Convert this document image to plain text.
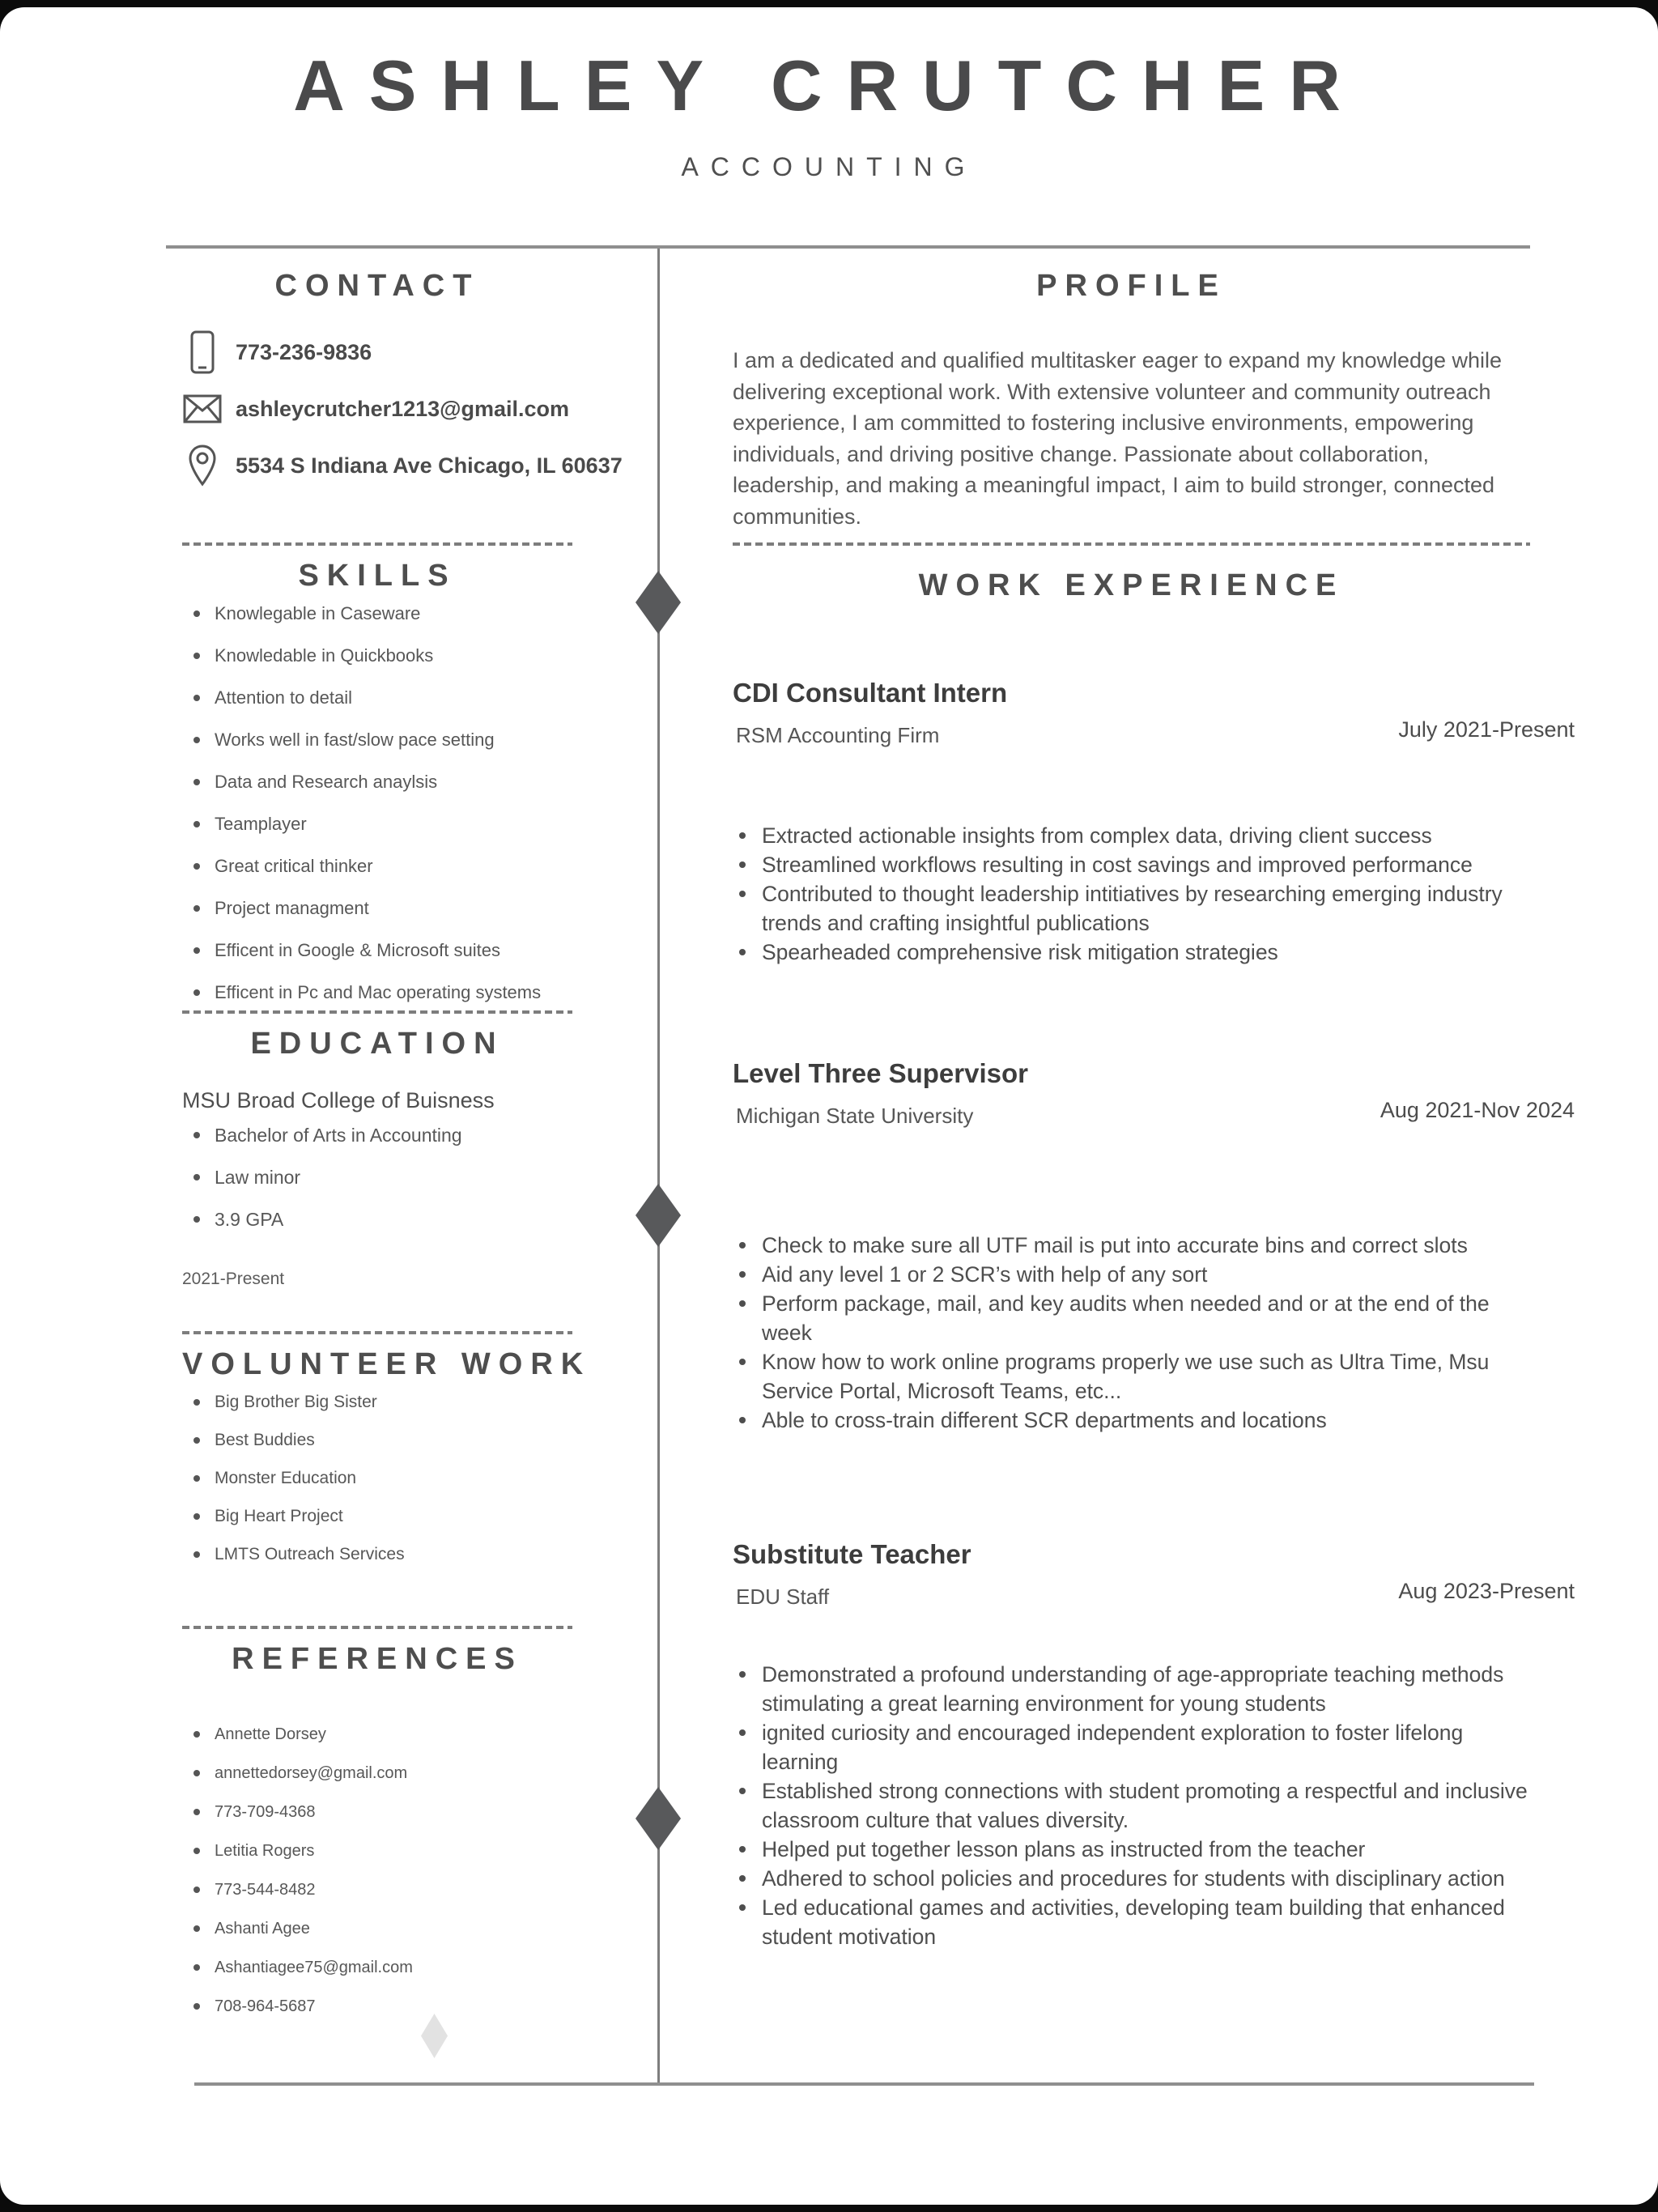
ASHLEY CRUTCHER
ACCOUNTING
CONTACT
773-236-9836
ashleycrutcher1213@gmail.com
5534 S Indiana Ave Chicago, IL 60637
SKILLS
Knowlegable in Caseware
Knowledable in Quickbooks
Attention to detail
Works well in fast/slow pace setting
Data and Research anaylsis
Teamplayer
Great critical thinker
Project managment
Efficent in Google & Microsoft suites
Efficent in Pc and Mac operating systems
EDUCATION
MSU Broad College of Buisness
Bachelor of Arts in Accounting
Law minor
3.9 GPA
2021-Present
VOLUNTEER WORK
Big Brother Big Sister
Best Buddies
Monster Education
Big Heart Project
LMTS Outreach Services
REFERENCES
Annette Dorsey
annettedorsey@gmail.com
773-709-4368
Letitia Rogers
773-544-8482
Ashanti Agee
Ashantiagee75@gmail.com
708-964-5687
PROFILE
I am a dedicated and qualified multitasker eager to expand my knowledge while delivering exceptional work. With extensive volunteer and community outreach experience, I am committed to fostering inclusive environments, empowering individuals, and driving positive change. Passionate about collaboration, leadership, and making a meaningful impact, I aim to build stronger, connected communities.
WORK EXPERIENCE
CDI Consultant Intern
RSM Accounting Firm	July 2021-Present
Extracted actionable insights from complex data, driving client success
Streamlined workflows resulting in cost savings and improved performance
Contributed to thought leadership intitiatives by researching emerging industry trends and crafting insightful publications
Spearheaded comprehensive risk mitigation strategies
Level Three Supervisor
Michigan State University	Aug 2021-Nov 2024
Check to make sure all UTF mail is put into accurate bins and correct slots
Aid any level 1 or 2 SCR’s with help of any sort
Perform package, mail, and key audits when needed and or at the end of the week
Know how to work online programs properly we use such as Ultra Time, Msu Service Portal, Microsoft Teams, etc...
Able to cross-train different SCR departments and locations
Substitute Teacher
EDU Staff	Aug 2023-Present
Demonstrated a profound understanding of age-appropriate teaching methods stimulating a great learning environment for young students
ignited curiosity and encouraged independent exploration to foster lifelong learning
Established strong connections with student promoting a respectful and inclusive classroom culture that values diversity.
Helped put together lesson plans as instructed from the teacher
Adhered to school policies and procedures for students with disciplinary action
Led educational games and activities, developing team building that enhanced student motivation
